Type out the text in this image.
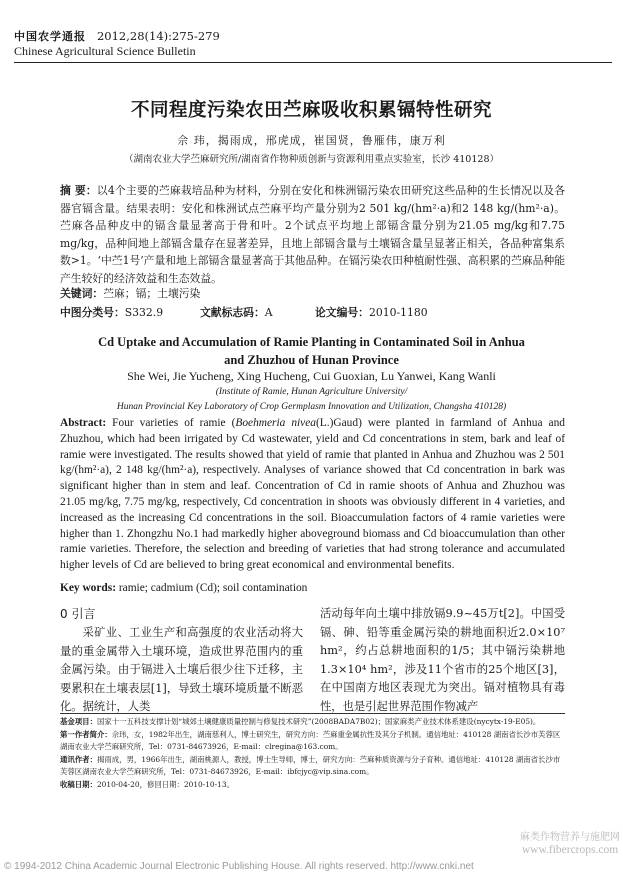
中国农学通报 2012,28(14):275-279
Chinese Agricultural Science Bulletin
不同程度污染农田苎麻吸收积累镉特性研究
佘 玮，揭雨成，邢虎成，崔国贤，鲁雁伟，康万利
（湖南农业大学苎麻研究所/湖南省作物种质创新与资源利用重点实验室，长沙 410128）
摘 要：以4个主要的苎麻栽培品种为材料，分别在安化和株洲镉污染农田研究这些品种的生长情况以及各器官镉含量。结果表明：安化和株洲试点苎麻平均产量分别为2 501 kg/(hm²·a)和2 148 kg/(hm²·a)。苎麻各品种皮中的镉含量显著高于骨和叶。2个试点平均地上部镉含量分别为21.05 mg/kg和7.75 mg/kg，品种间地上部镉含量存在显著差异，且地上部镉含量与土壤镉含量呈显著正相关，各品种富集系数>1。‘中苎1号’产量和地上部镉含量显著高于其他品种。在镉污染农田种植耐性强、高积累的苎麻品种能产生较好的经济效益和生态效益。
关键词：苎麻；镉；土壤污染
中图分类号：S332.9	文献标志码：A	论文编号：2010-1180
Cd Uptake and Accumulation of Ramie Planting in Contaminated Soil in Anhua
and Zhuzhou of Hunan Province
She Wei, Jie Yucheng, Xing Hucheng, Cui Guoxian, Lu Yanwei, Kang Wanli
(Institute of Ramie, Hunan Agriculture University/
Hunan Provincial Key Laboratory of Crop Germplasm Innovation and Utilization, Changsha 410128)
Abstract: Four varieties of ramie (Boehmeria nivea(L.)Gaud) were planted in farmland of Anhua and Zhuzhou, which had been irrigated by Cd wastewater, yield and Cd concentrations in stem, bark and leaf of ramie were investigated. The results showed that yield of ramie that planted in Anhua and Zhuzhou was 2 501 kg/(hm²·a), 2 148 kg/(hm²·a), respectively. Analyses of variance showed that Cd concentration in bark was significant higher than in stem and leaf. Concentration of Cd in ramie shoots of Anhua and Zhuzhou was 21.05 mg/kg, 7.75 mg/kg, respectively, Cd concentration in shoots was obviously different in 4 varieties, and increased as the increasing Cd concentrations in the soil. Bioaccumulation factors of 4 ramie varieties were higher than 1. Zhongzhu No.1 had markedly higher aboveground biomass and Cd bioaccumulation than other ramie varieties. Therefore, the selection and breeding of varieties that had strong tolerance and accumulated higher levels of Cd are believed to bring great economical and environmental benefits.
Key words: ramie; cadmium (Cd); soil contamination
0 引言
采矿业、工业生产和高强度的农业活动将大量的重金属带入土壤环境，造成世界范围内的重金属污染。由于镉进入土壤后很少往下迁移，主要累积在土壤表层[1]，导致土壤环境质量不断恶化。据统计，人类
活动每年向土壤中排放镉9.9~45万t[2]。中国受镉、砷、铅等重金属污染的耕地面积近2.0×10⁷ hm²，约占总耕地面积的1/5；其中镉污染耕地1.3×10⁴ hm²，涉及11个省市的25个地区[3]，在中国南方地区表现尤为突出。镉对植物具有毒性，也是引起世界范围作物减产
基金项目：国家十一五科技支撑计划“城郊土壤健康质量控制与修复技术研究”(2008BADA7B02)；国家麻类产业技术体系建设(nycytx-19-E05)。
第一作者简介：佘玮，女，1982年出生，湖南慈利人，博士研究生，研究方向：苎麻重金属抗性及其分子机制。通信地址：410128 湖南省长沙市芙蓉区湖南农业大学苎麻研究所，Tel：0731-84673926，E-mail：clregina@163.com。
通讯作者：揭雨成，男，1966年出生，湖南桃源人，教授，博士生导师，博士，研究方向：苎麻种质资源与分子育种。通信地址：410128 湖南省长沙市芙蓉区湖南农业大学苎麻研究所，Tel：0731-84673926，E-mail：ibfcjyc@vip.sina.com。
收稿日期：2010-04-20，修回日期：2010-10-13。
麻类作物营养与施肥网
www.fibercrops.com
© 1994-2012 China Academic Journal Electronic Publishing House. All rights reserved. http://www.cnki.net
